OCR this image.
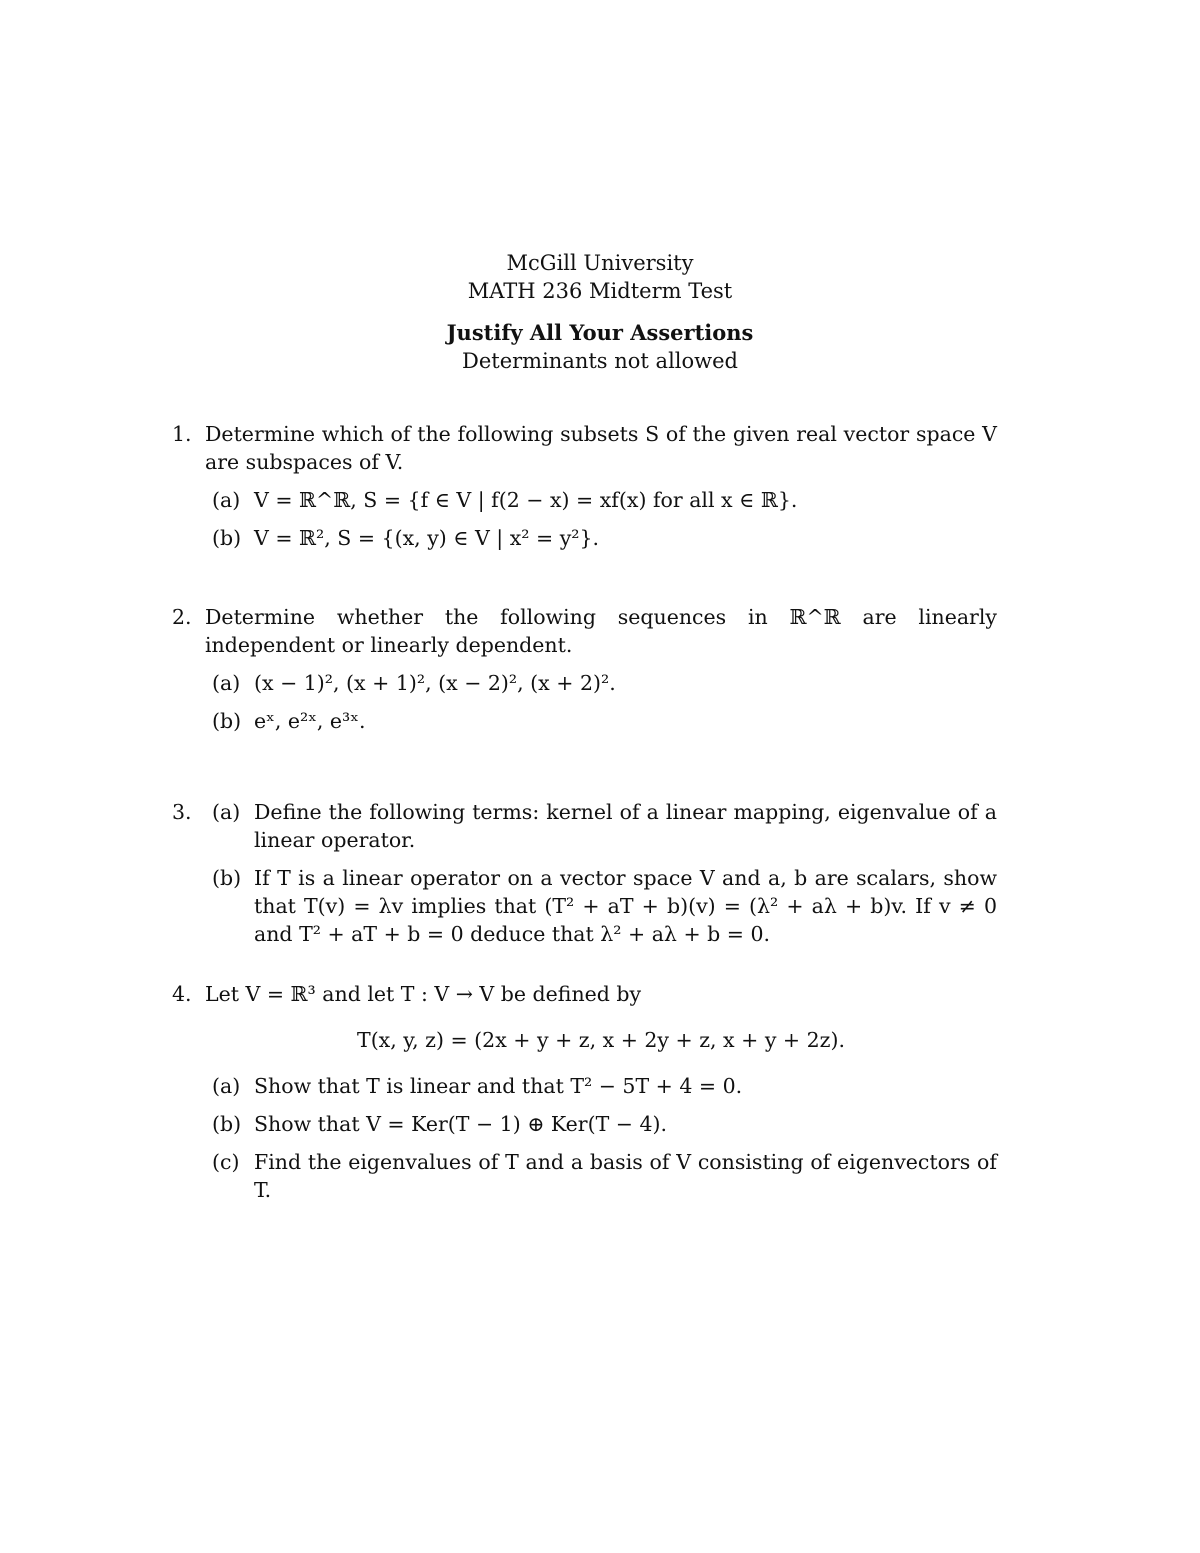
McGill University
MATH 236 Midterm Test
Justify All Your Assertions
Determinants not allowed
1. Determine which of the following subsets S of the given real vector space V are subspaces of V.
(a) V = ℝ^ℝ, S = {f ∈ V | f(2 − x) = xf(x) for all x ∈ ℝ}.
(b) V = ℝ², S = {(x, y) ∈ V | x² = y²}.
2. Determine whether the following sequences in ℝ^ℝ are linearly independent or linearly dependent.
(a) (x − 1)², (x + 1)², (x − 2)², (x + 2)².
(b) eˣ, e²ˣ, e³ˣ.
3. (a) Define the following terms: kernel of a linear mapping, eigenvalue of a linear operator.
(b) If T is a linear operator on a vector space V and a, b are scalars, show that T(v) = λv implies that (T² + aT + b)(v) = (λ² + aλ + b)v. If v ≠ 0 and T² + aT + b = 0 deduce that λ² + aλ + b = 0.
4. Let V = ℝ³ and let T : V → V be defined by
T(x, y, z) = (2x + y + z, x + 2y + z, x + y + 2z).
(a) Show that T is linear and that T² − 5T + 4 = 0.
(b) Show that V = Ker(T − 1) ⊕ Ker(T − 4).
(c) Find the eigenvalues of T and a basis of V consisting of eigenvectors of T.
